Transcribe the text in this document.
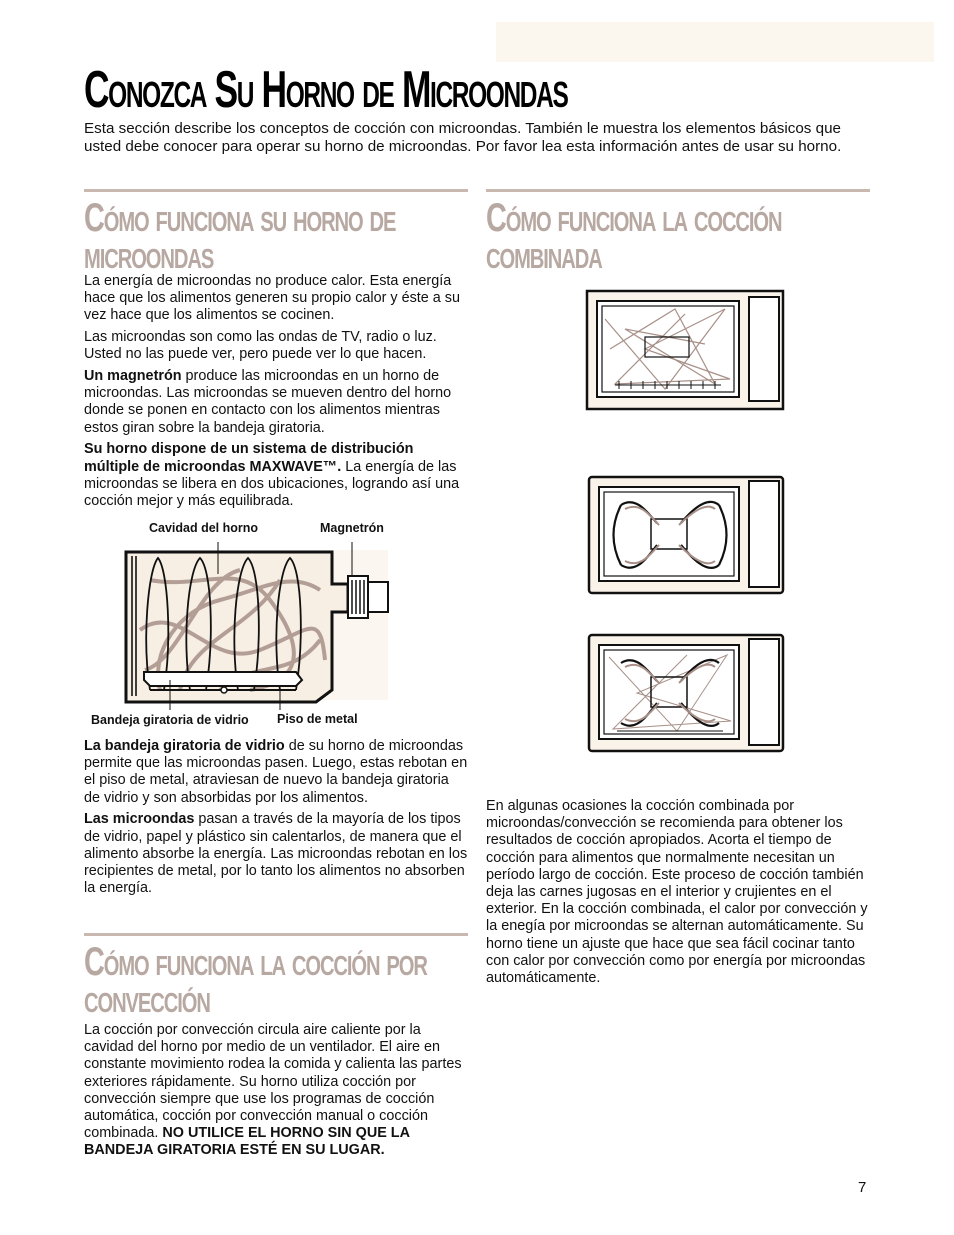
Conozca Su Horno de Microondas

Esta sección describe los conceptos de cocción con microondas. También le muestra los elementos básicos que usted debe conocer para operar su horno de microondas. Por favor lea esta información antes de usar su horno.

Cómo funciona su horno de
microondas

La energía de microondas no produce calor. Esta energía hace que los alimentos generen su propio calor y éste a su vez hace que los alimentos se cocinen.

Las microondas son como las ondas de TV, radio o luz. Usted no las puede ver, pero puede ver lo que hacen.

Un magnetrón produce las microondas en un horno de microondas. Las microondas se mueven dentro del horno donde se ponen en contacto con los alimentos mientras estos giran sobre la bandeja giratoria.

Su horno dispone de un sistema de distribución múltiple de microondas MAXWAVE™. La energía de las microondas se libera en dos ubicaciones, logrando así una cocción mejor y más equilibrada.

Cavidad del horno	Magnetrón
Bandeja giratoria de vidrio Piso de metal

La bandeja giratoria de vidrio de su horno de microondas permite que las microondas pasen. Luego, estas rebotan en el piso de metal, atraviesan de nuevo la bandeja giratoria de vidrio y son absorbidas por los alimentos.

Las microondas pasan a través de la mayoría de los tipos de vidrio, papel y plástico sin calentarlos, de manera que el alimento absorbe la energía. Las microondas rebotan en los recipientes de metal, por lo tanto los alimentos no absorben la energía.

Cómo funciona la cocción por
convección

La cocción por convección circula aire caliente por la cavidad del horno por medio de un ventilador. El aire en constante movimiento rodea la comida y calienta las partes exteriores rápidamente. Su horno utiliza cocción por convección siempre que use los programas de cocción automática, cocción por convección manual o cocción combinada. NO UTILICE EL HORNO SIN QUE LA BANDEJA GIRATORIA ESTÉ EN SU LUGAR.

Cómo funciona la cocción
combinada

En algunas ocasiones la cocción combinada por microondas/convección se recomienda para obtener los resultados de cocción apropiados. Acorta el tiempo de cocción para alimentos que normalmente necesitan un período largo de cocción. Este proceso de cocción también deja las carnes jugosas en el interior y crujientes en el exterior. En la cocción combinada, el calor por convección y la enegía por microondas se alternan automáticamente. Su horno tiene un ajuste que hace que sea fácil cocinar tanto con calor por convección como por energía por microondas automáticamente.

7
